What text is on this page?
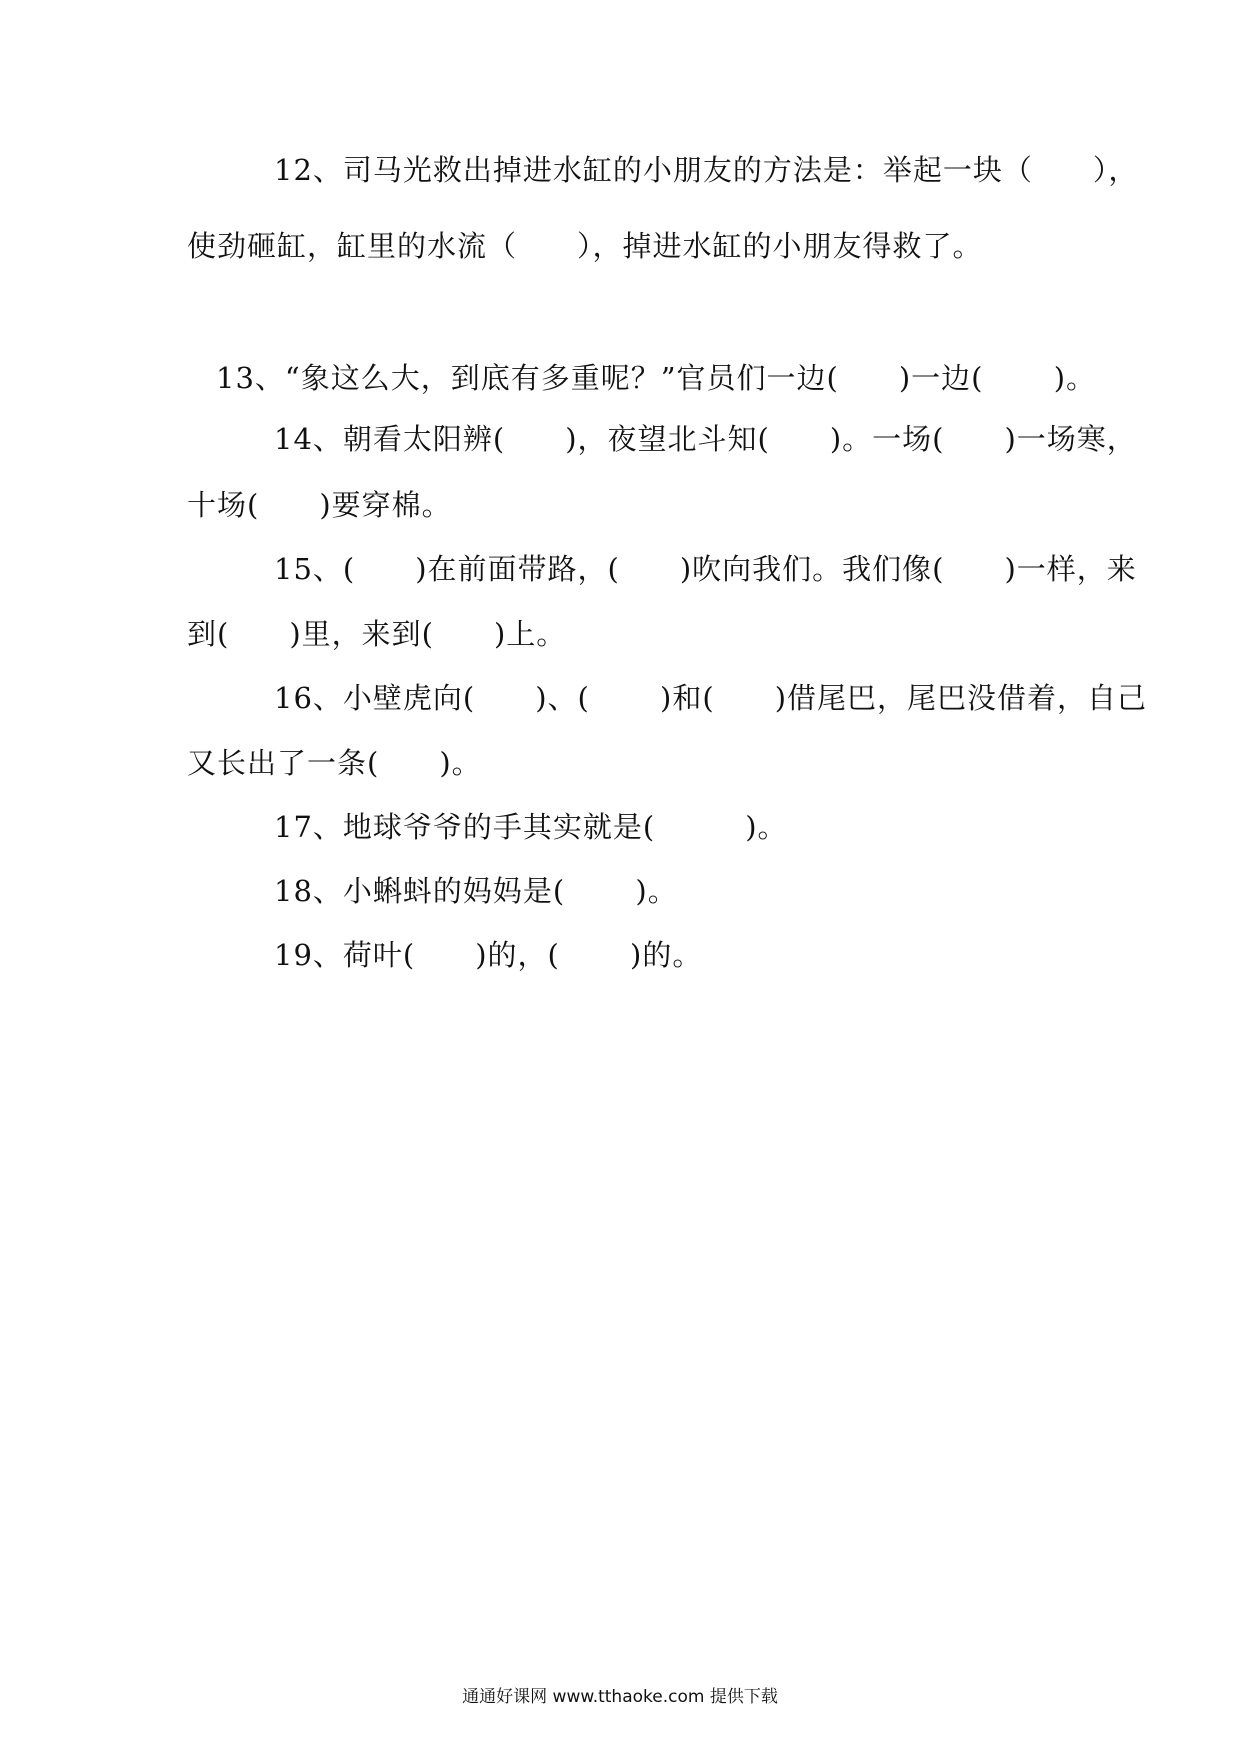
12、司马光救出掉进水缸的小朋友的方法是：举起一块（　　），
使劲砸缸，缸里的水流（　　），掉进水缸的小朋友得救了。
13、“象这么大，到底有多重呢？”官员们一边(　　)一边(　　 )。
14、朝看太阳辨(　　)，夜望北斗知(　　)。一场(　　)一场寒，
十场(　　)要穿棉。
15、(　　)在前面带路，(　　)吹向我们。我们像(　　)一样，来
到(　　)里，来到(　　)上。
16、小壁虎向(　　)、(　　 )和(　　)借尾巴，尾巴没借着，自己
又长出了一条(　　)。
17、地球爷爷的手其实就是(　　　)。
18、小蝌蚪的妈妈是(　　 )。
19、荷叶(　　)的，(　　 )的。
通通好课网 www.tthaoke.com 提供下载
